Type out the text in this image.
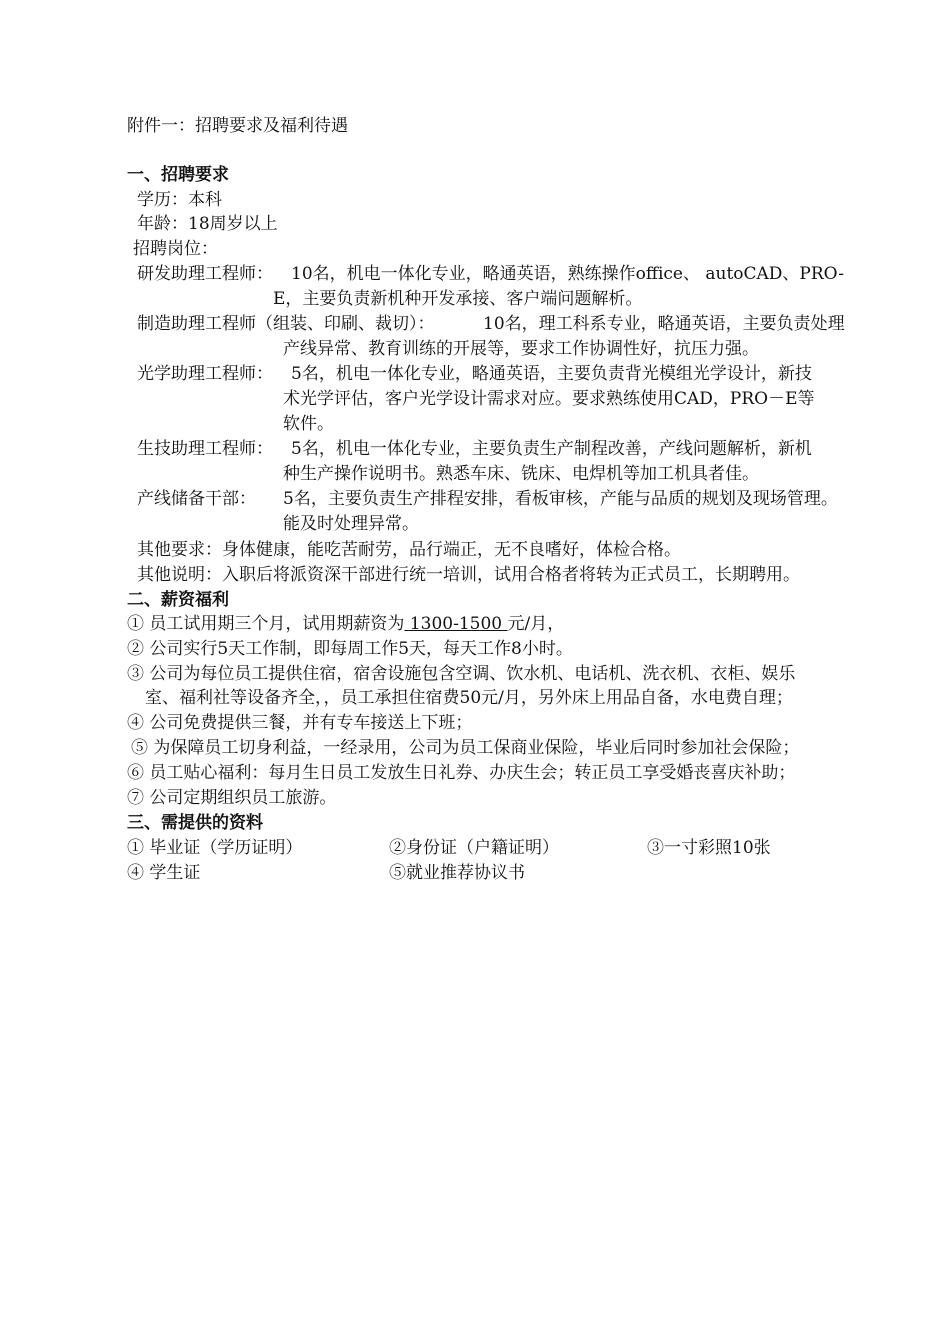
附件一：招聘要求及福利待遇
一、招聘要求
学历：本科
年龄：18周岁以上
招聘岗位：
研发助理工程师： 10名，机电一体化专业，略通英语，熟练操作office、 autoCAD、PRO-
E，主要负责新机种开发承接、客户端问题解析。
制造助理工程师（组装、印刷、裁切）：	10名，理工科系专业，略通英语，主要负责处理
产线异常、教育训练的开展等，要求工作协调性好，抗压力强。
光学助理工程师： 5名，机电一体化专业，略通英语，主要负责背光模组光学设计，新技
术光学评估，客户光学设计需求对应。要求熟练使用CAD，PRO－E等
软件。
生技助理工程师： 5名，机电一体化专业，主要负责生产制程改善，产线问题解析，新机
种生产操作说明书。熟悉车床、铣床、电焊机等加工机具者佳。
产线储备干部： 5名，主要负责生产排程安排，看板审核，产能与品质的规划及现场管理。
能及时处理异常。
其他要求：身体健康，能吃苦耐劳，品行端正，无不良嗜好，体检合格。
其他说明：入职后将派资深干部进行统一培训，试用合格者将转为正式员工，长期聘用。
二、薪资福利
① 员工试用期三个月，试用期薪资为 1300-1500 元/月，
② 公司实行5天工作制，即每周工作5天，每天工作8小时。
③ 公司为每位员工提供住宿，宿舍设施包含空调、饮水机、电话机、洗衣机、衣柜、娱乐
室、福利社等设备齐全，，员工承担住宿费50元/月，另外床上用品自备，水电费自理；
④ 公司免费提供三餐，并有专车接送上下班；
⑤ 为保障员工切身利益，一经录用，公司为员工保商业保险，毕业后同时参加社会保险；
⑥ 员工贴心福利：每月生日员工发放生日礼券、办庆生会；转正员工享受婚丧喜庆补助；
⑦ 公司定期组织员工旅游。
三、需提供的资料
① 毕业证（学历证明）	②身份证（户籍证明）	③一寸彩照10张
④ 学生证	⑤就业推荐协议书
